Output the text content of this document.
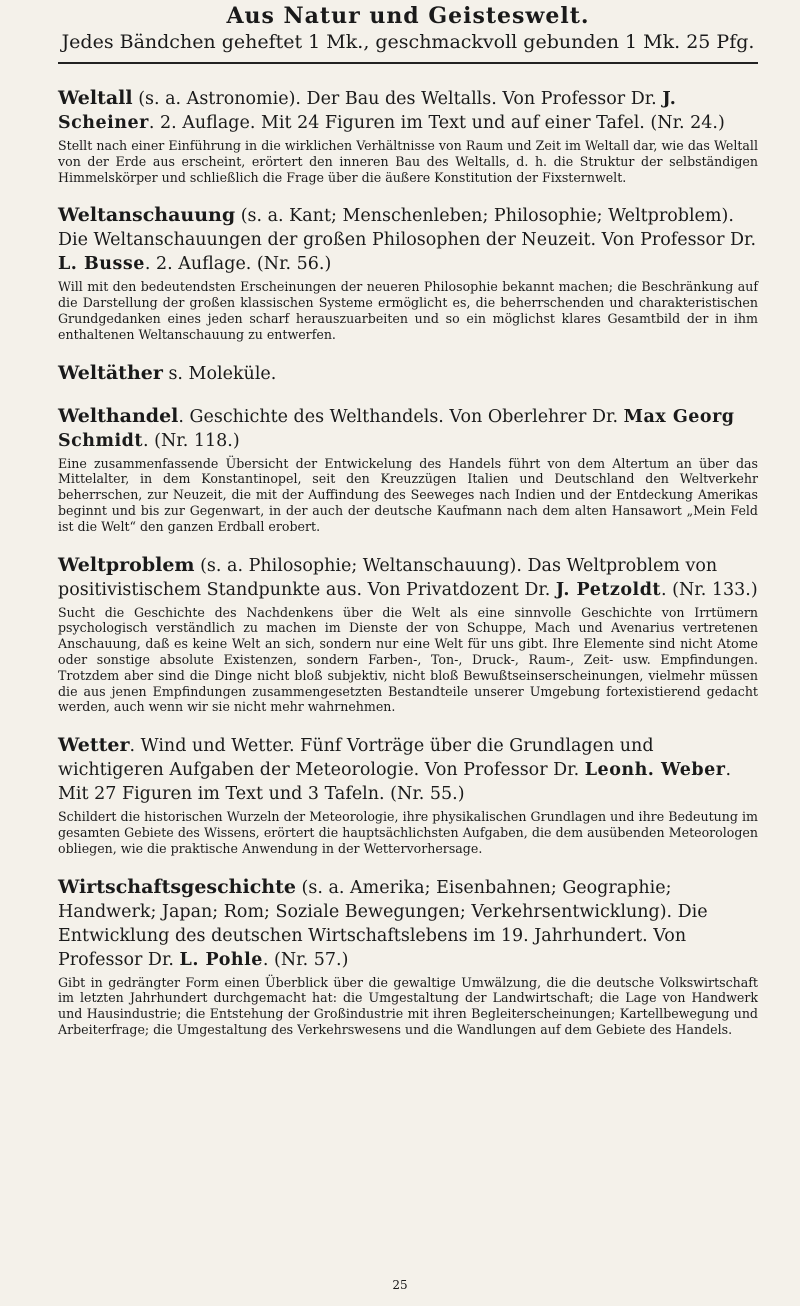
Aus Natur und Geisteswelt.
Jedes Bändchen geheftet 1 Mk., geschmackvoll gebunden 1 Mk. 25 Pfg.

Weltall (s. a. Astronomie). Der Bau des Weltalls. Von Professor Dr. J. Scheiner. 2. Auflage. Mit 24 Figuren im Text und auf einer Tafel. (Nr. 24.)

Stellt nach einer Einführung in die wirklichen Verhältnisse von Raum und Zeit im Weltall dar, wie das Weltall von der Erde aus erscheint, erörtert den inneren Bau des Weltalls, d. h. die Struktur der selbständigen Himmelskörper und schließlich die Frage über die äußere Konstitution der Fixsternwelt.

Weltanschauung (s. a. Kant; Menschenleben; Philosophie; Weltproblem). Die Weltanschauungen der großen Philosophen der Neuzeit. Von Professor Dr. L. Busse. 2. Auflage. (Nr. 56.)

Will mit den bedeutendsten Erscheinungen der neueren Philosophie bekannt machen; die Beschränkung auf die Darstellung der großen klassischen Systeme ermöglicht es, die beherrschenden und charakteristischen Grundgedanken eines jeden scharf herauszuarbeiten und so ein möglichst klares Gesamtbild der in ihm enthaltenen Weltanschauung zu entwerfen.

Weltäther s. Moleküle.

Welthandel. Geschichte des Welthandels. Von Oberlehrer Dr. Max Georg Schmidt. (Nr. 118.)

Eine zusammenfassende Übersicht der Entwickelung des Handels führt von dem Altertum an über das Mittelalter, in dem Konstantinopel, seit den Kreuzzügen Italien und Deutschland den Weltverkehr beherrschen, zur Neuzeit, die mit der Auffindung des Seeweges nach Indien und der Entdeckung Amerikas beginnt und bis zur Gegenwart, in der auch der deutsche Kaufmann nach dem alten Hansawort „Mein Feld ist die Welt“ den ganzen Erdball erobert.

Weltproblem (s. a. Philosophie; Weltanschauung). Das Weltproblem von positivistischem Standpunkte aus. Von Privatdozent Dr. J. Petzoldt. (Nr. 133.)

Sucht die Geschichte des Nachdenkens über die Welt als eine sinnvolle Geschichte von Irrtümern psychologisch verständlich zu machen im Dienste der von Schuppe, Mach und Avenarius vertretenen Anschauung, daß es keine Welt an sich, sondern nur eine Welt für uns gibt. Ihre Elemente sind nicht Atome oder sonstige absolute Existenzen, sondern Farben-, Ton-, Druck-, Raum-, Zeit- usw. Empfindungen. Trotzdem aber sind die Dinge nicht bloß subjektiv, nicht bloß Bewußtseinserscheinungen, vielmehr müssen die aus jenen Empfindungen zusammengesetzten Bestandteile unserer Umgebung fortexistierend gedacht werden, auch wenn wir sie nicht mehr wahrnehmen.

Wetter. Wind und Wetter. Fünf Vorträge über die Grundlagen und wichtigeren Aufgaben der Meteorologie. Von Professor Dr. Leonh. Weber. Mit 27 Figuren im Text und 3 Tafeln. (Nr. 55.)

Schildert die historischen Wurzeln der Meteorologie, ihre physikalischen Grundlagen und ihre Bedeutung im gesamten Gebiete des Wissens, erörtert die hauptsächlichsten Aufgaben, die dem ausübenden Meteorologen obliegen, wie die praktische Anwendung in der Wettervorhersage.

Wirtschaftsgeschichte (s. a. Amerika; Eisenbahnen; Geographie; Handwerk; Japan; Rom; Soziale Bewegungen; Verkehrsentwicklung). Die Entwicklung des deutschen Wirtschaftslebens im 19. Jahrhundert. Von Professor Dr. L. Pohle. (Nr. 57.)

Gibt in gedrängter Form einen Überblick über die gewaltige Umwälzung, die die deutsche Volkswirtschaft im letzten Jahrhundert durchgemacht hat: die Umgestaltung der Landwirtschaft; die Lage von Handwerk und Hausindustrie; die Entstehung der Großindustrie mit ihren Begleiterscheinungen; Kartellbewegung und Arbeiterfrage; die Umgestaltung des Verkehrswesens und die Wandlungen auf dem Gebiete des Handels.

25
